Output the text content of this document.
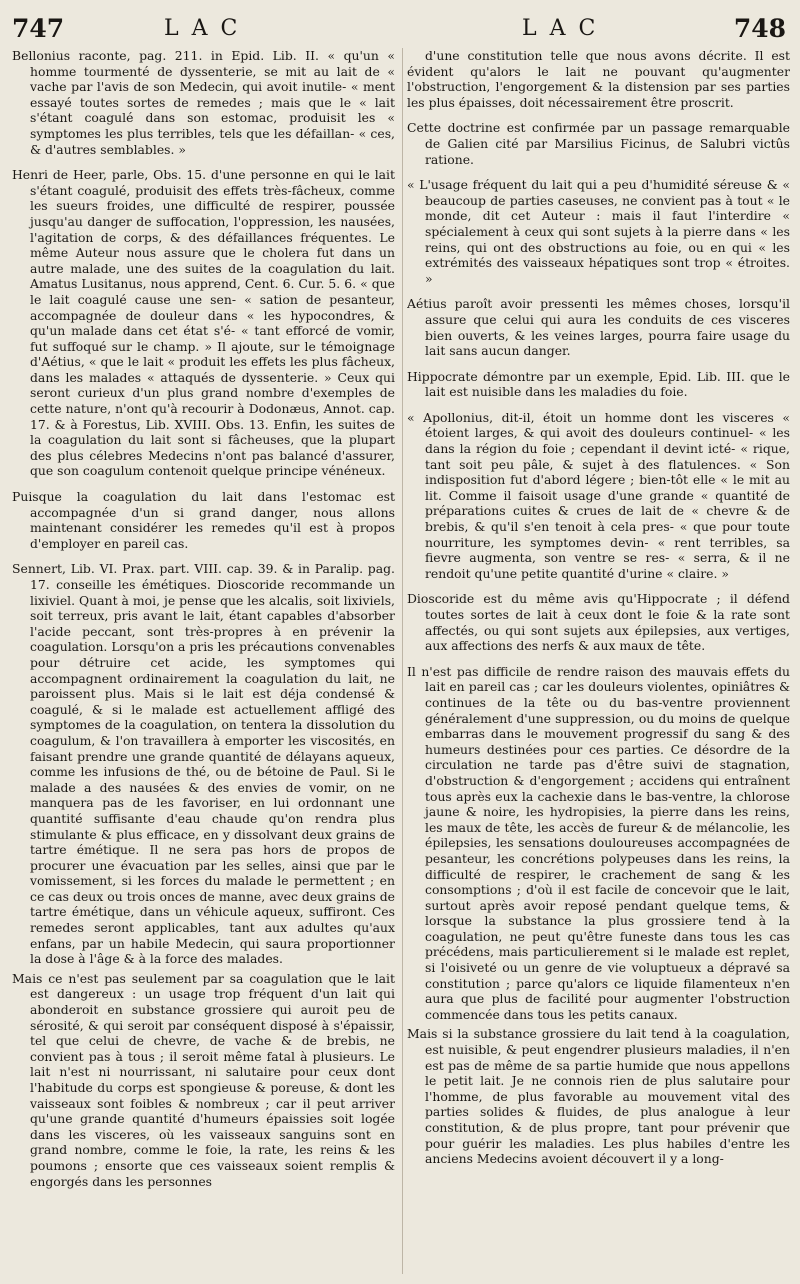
747	LAC	LAC	748

Bellonius raconte, pag. 211. in Epid. Lib. II. « qu'un « homme tourmenté de dyssenterie, se mit au lait de « vache par l'avis de son Medecin, qui avoit inutile- « ment essayé toutes sortes de remedes ; mais que le « lait s'étant coagulé dans son estomac, produisit les « symptomes les plus terribles, tels que les défaillan- « ces, & d'autres semblables. »

Henri de Heer, parle, Obs. 15. d'une personne en qui le lait s'étant coagulé, produisit des effets très-fâcheux, comme les sueurs froides, une difficulté de respirer, poussée jusqu'au danger de suffocation, l'oppression, les nausées, l'agitation de corps, & des défaillances fréquentes. Le même Auteur nous assure que le cholera fut dans un autre malade, une des suites de la coagulation du lait. Amatus Lusitanus, nous apprend, Cent. 6. Cur. 5. 6. « que le lait coagulé cause une sen- « sation de pesanteur, accompagnée de douleur dans « les hypocondres, & qu'un malade dans cet état s'é- « tant efforcé de vomir, fut suffoqué sur le champ. » Il ajoute, sur le témoignage d'Aétius, « que le lait « produit les effets les plus fâcheux, dans les malades « attaqués de dyssenterie. » Ceux qui seront curieux d'un plus grand nombre d'exemples de cette nature, n'ont qu'à recourir à Dodonæus, Annot. cap. 17. & à Forestus, Lib. XVIII. Obs. 13. Enfin, les suites de la coagulation du lait sont si fâcheuses, que la plupart des plus célebres Medecins n'ont pas balancé d'assurer, que son coagulum contenoit quelque principe vénéneux.

Puisque la coagulation du lait dans l'estomac est accompagnée d'un si grand danger, nous allons maintenant considérer les remedes qu'il est à propos d'employer en pareil cas.

Sennert, Lib. VI. Prax. part. VIII. cap. 39. & in Paralip. pag. 17. conseille les émétiques. Dioscoride recommande un lixiviel. Quant à moi, je pense que les alcalis, soit lixiviels, soit terreux, pris avant le lait, étant capables d'absorber l'acide peccant, sont très-propres à en prévenir la coagulation. Lorsqu'on a pris les précautions convenables pour détruire cet acide, les symptomes qui accompagnent ordinairement la coagulation du lait, ne paroissent plus. Mais si le lait est déja condensé & coagulé, & si le malade est actuellement affligé des symptomes de la coagulation, on tentera la dissolution du coagulum, & l'on travaillera à emporter les viscosités, en faisant prendre une grande quantité de délayans aqueux, comme les infusions de thé, ou de bétoine de Paul. Si le malade a des nausées & des envies de vomir, on ne manquera pas de les favoriser, en lui ordonnant une quantité suffisante d'eau chaude qu'on rendra plus stimulante & plus efficace, en y dissolvant deux grains de tartre émétique. Il ne sera pas hors de propos de procurer une évacuation par les selles, ainsi que par le vomissement, si les forces du malade le permettent ; en ce cas deux ou trois onces de manne, avec deux grains de tartre émétique, dans un véhicule aqueux, suffiront. Ces remedes seront applicables, tant aux adultes qu'aux enfans, par un habile Medecin, qui saura proportionner la dose à l'âge & à la force des malades.

Mais ce n'est pas seulement par sa coagulation que le lait est dangereux : un usage trop fréquent d'un lait qui abonderoit en substance grossiere qui auroit peu de sérosité, & qui seroit par conséquent disposé à s'épaissir, tel que celui de chevre, de vache & de brebis, ne convient pas à tous ; il seroit même fatal à plusieurs. Le lait n'est ni nourrissant, ni salutaire pour ceux dont l'habitude du corps est spongieuse & poreuse, & dont les vaisseaux sont foibles & nombreux ; car il peut arriver qu'une grande quantité d'humeurs épaissies soit logée dans les visceres, où les vaisseaux sanguins sont en grand nombre, comme le foie, la rate, les reins & les poumons ; ensorte que ces vaisseaux soient remplis & engorgés dans les personnes

d'une constitution telle que nous avons décrite. Il est évident qu'alors le lait ne pouvant qu'augmenter l'obstruction, l'engorgement & la distension par ses parties les plus épaisses, doit nécessairement être proscrit.

Cette doctrine est confirmée par un passage remarquable de Galien cité par Marsilius Ficinus, de Salubri victûs ratione.

« L'usage fréquent du lait qui a peu d'humidité séreuse & « beaucoup de parties caseuses, ne convient pas à tout « le monde, dit cet Auteur : mais il faut l'interdire « spécialement à ceux qui sont sujets à la pierre dans « les reins, qui ont des obstructions au foie, ou en qui « les extrémités des vaisseaux hépatiques sont trop « étroites. »

Aétius paroît avoir pressenti les mêmes choses, lorsqu'il assure que celui qui aura les conduits de ces visceres bien ouverts, & les veines larges, pourra faire usage du lait sans aucun danger.

Hippocrate démontre par un exemple, Epid. Lib. III. que le lait est nuisible dans les maladies du foie.

« Apollonius, dit-il, étoit un homme dont les visceres « étoient larges, & qui avoit des douleurs continuel- « les dans la région du foie ; cependant il devint icté- « rique, tant soit peu pâle, & sujet à des flatulences. « Son indisposition fut d'abord légere ; bien-tôt elle « le mit au lit. Comme il faisoit usage d'une grande « quantité de préparations cuites & crues de lait de « chevre & de brebis, & qu'il s'en tenoit à cela pres- « que pour toute nourriture, les symptomes devin- « rent terribles, sa fievre augmenta, son ventre se res- « serra, & il ne rendoit qu'une petite quantité d'urine « claire. »

Dioscoride est du même avis qu'Hippocrate ; il défend toutes sortes de lait à ceux dont le foie & la rate sont affectés, ou qui sont sujets aux épilepsies, aux vertiges, aux affections des nerfs & aux maux de tête.

Il n'est pas difficile de rendre raison des mauvais effets du lait en pareil cas ; car les douleurs violentes, opiniâtres & continues de la tête ou du bas-ventre proviennent généralement d'une suppression, ou du moins de quelque embarras dans le mouvement progressif du sang & des humeurs destinées pour ces parties. Ce désordre de la circulation ne tarde pas d'être suivi de stagnation, d'obstruction & d'engorgement ; accidens qui entraînent tous après eux la cachexie dans le bas-ventre, la chlorose jaune & noire, les hydropisies, la pierre dans les reins, les maux de tête, les accès de fureur & de mélancolie, les épilepsies, les sensations douloureuses accompagnées de pesanteur, les concrétions polypeuses dans les reins, la difficulté de respirer, le crachement de sang & les consomptions ; d'où il est facile de concevoir que le lait, surtout après avoir reposé pendant quelque tems, & lorsque la substance la plus grossiere tend à la coagulation, ne peut qu'être funeste dans tous les cas précédens, mais particulierement si le malade est replet, si l'oisiveté ou un genre de vie voluptueux a dépravé sa constitution ; parce qu'alors ce liquide filamenteux n'en aura que plus de facilité pour augmenter l'obstruction commencée dans tous les petits canaux.

Mais si la substance grossiere du lait tend à la coagulation, est nuisible, & peut engendrer plusieurs maladies, il n'en est pas de même de sa partie humide que nous appellons le petit lait. Je ne connois rien de plus salutaire pour l'homme, de plus favorable au mouvement vital des parties solides & fluides, de plus analogue à leur constitution, & de plus propre, tant pour prévenir que pour guérir les maladies. Les plus habiles d'entre les anciens Medecins avoient découvert il y a long-
